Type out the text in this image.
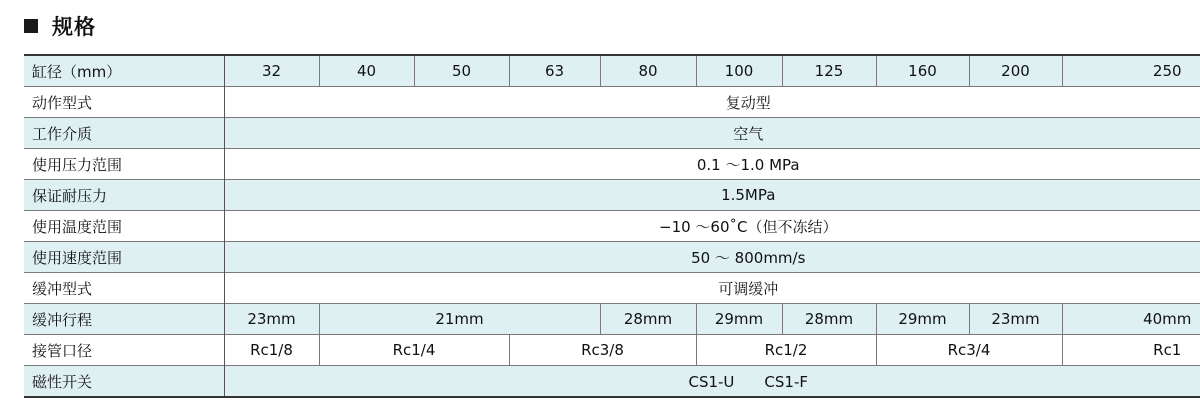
规格
缸径（mm）	32	40	50	63	80	100	125	160	200	250
动作型式	复动型									
工作介质	空气									
使用压力范围	0.1 ～1.0 MPa									
保证耐压力	1.5MPa									
使用温度范围	−10 ～60˚C（但不冻结）									
使用速度范围	50 ～ 800mm/s									
缓冲型式	可调缓冲									
缓冲行程	23mm	21mm			28mm	29mm	28mm	29mm	23mm	40mm
接管口径	Rc1/8	Rc1/4		Rc3/8		Rc1/2		Rc3/4		Rc1
磁性开关	CS1-U　　CS1-F									
